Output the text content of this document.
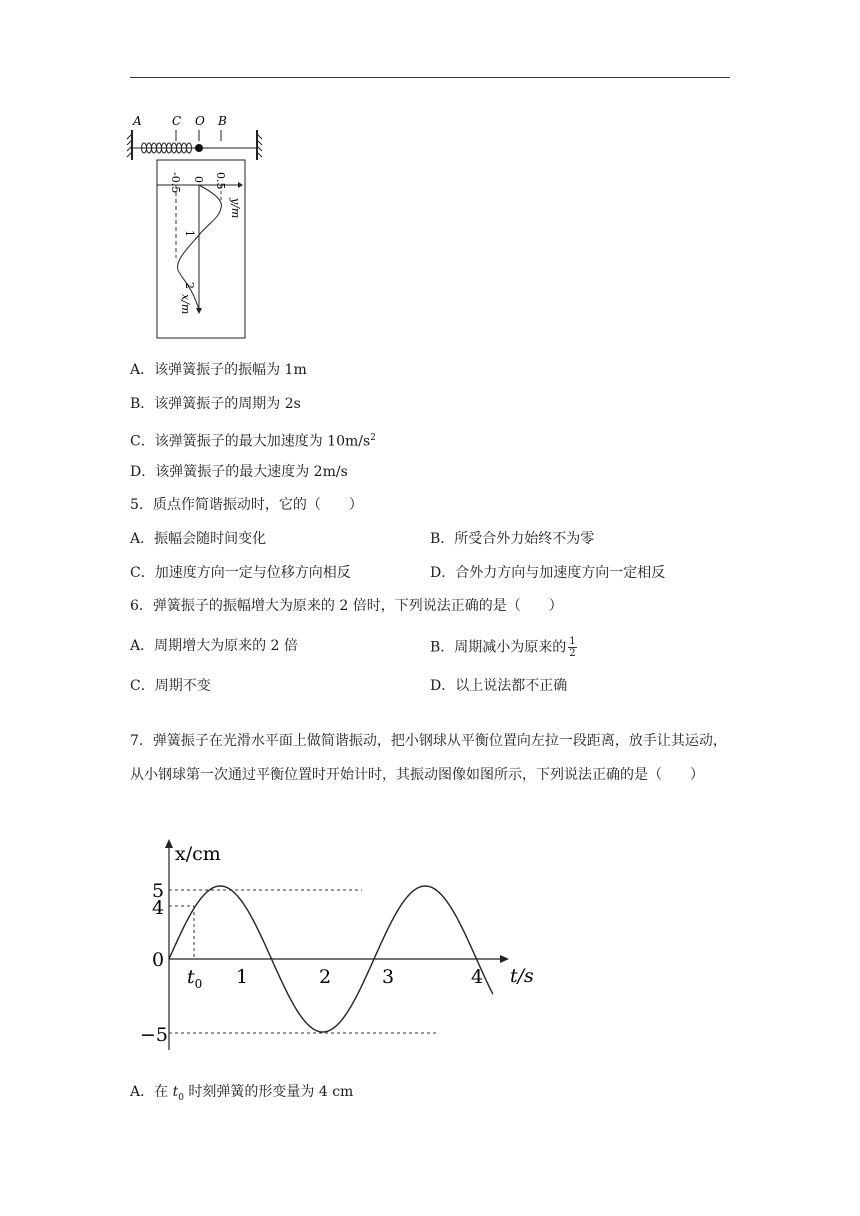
A	C O B
-0.5 0 0.5
y/m
1
2
x/m
A．该弹簧振子的振幅为 1m
B．该弹簧振子的周期为 2s
C．该弹簧振子的最大加速度为 $10m/s^2$
D．该弹簧振子的最大速度为 2m/s
5．质点作简谐振动时，它的（　　）
A．振幅会随时间变化	B．所受合外力始终不为零
C．加速度方向一定与位移方向相反	D．合外力方向与加速度方向一定相反
6．弹簧振子的振幅增大为原来的 2 倍时，下列说法正确的是（　　）
A．周期增大为原来的 2 倍	B．周期减小为原来的 $\frac{1}{2}$
C．周期不变	D．以上说法都不正确
7．弹簧振子在光滑水平面上做简谐振动，把小钢球从平衡位置向左拉一段距离，放手让其运动，从小钢球第一次通过平衡位置时开始计时，其振动图像如图所示，下列说法正确的是（　　）
x/cm
t/s
5
4
0
−5
1	2	3	4
$t_0$
A．在 $t_0$ 时刻弹簧的形变量为 4 cm
